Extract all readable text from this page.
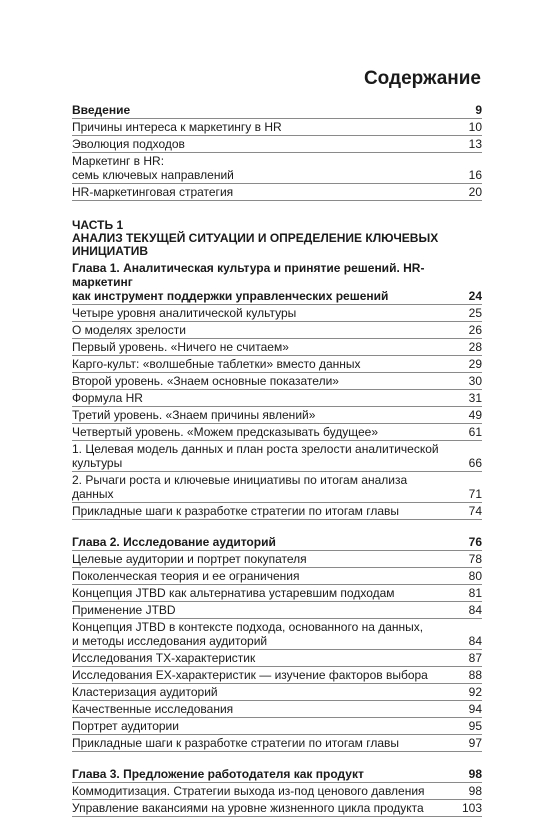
Содержание
Введение	9
Причины интереса к маркетингу в HR	10
Эволюция подходов	13
Маркетинг в HR:
семь ключевых направлений	16
HR-маркетинговая стратегия	20
ЧАСТЬ 1
АНАЛИЗ ТЕКУЩЕЙ СИТУАЦИИ И ОПРЕДЕЛЕНИЕ КЛЮЧЕВЫХ ИНИЦИАТИВ
Глава 1. Аналитическая культура и принятие решений. HR-маркетинг
как инструмент поддержки управленческих решений	24
Четыре уровня аналитической культуры	25
О моделях зрелости	26
Первый уровень. «Ничего не считаем»	28
Карго-культ: «волшебные таблетки» вместо данных	29
Второй уровень. «Знаем основные показатели»	30
Формула HR	31
Третий уровень. «Знаем причины явлений»	49
Четвертый уровень. «Можем предсказывать будущее»	61
1. Целевая модель данных и план роста зрелости аналитической культуры	66
2. Рычаги роста и ключевые инициативы по итогам анализа данных	71
Прикладные шаги к разработке стратегии по итогам главы	74
Глава 2. Исследование аудиторий	76
Целевые аудитории и портрет покупателя	78
Поколенческая теория и ее ограничения	80
Концепция JTBD как альтернатива устаревшим подходам	81
Применение JTBD	84
Концепция JTBD в контексте подхода, основанного на данных,
и методы исследования аудиторий	84
Исследования TX-характеристик	87
Исследования EX-характеристик — изучение факторов выбора	88
Кластеризация аудиторий	92
Качественные исследования	94
Портрет аудитории	95
Прикладные шаги к разработке стратегии по итогам главы	97
Глава 3. Предложение работодателя как продукт	98
Коммодитизация. Стратегии выхода из-под ценового давления	98
Управление вакансиями на уровне жизненного цикла продукта	103
